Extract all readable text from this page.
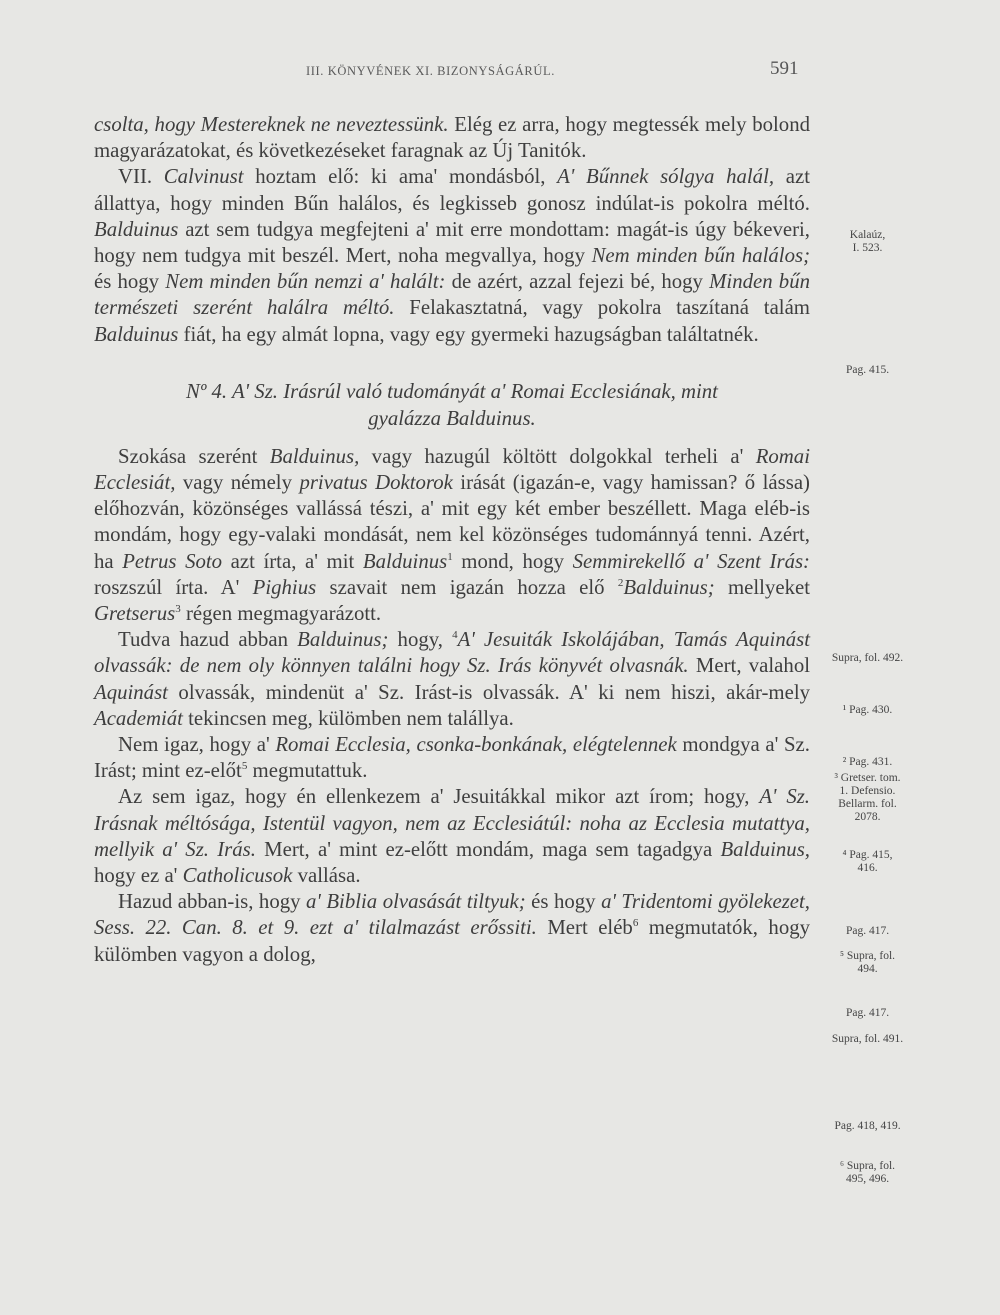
III. KÖNYVÉNEK XI. BIZONYSÁGÁRÚL.	591

csolta, hogy Mestereknek ne neveztessünk. Elég ez arra, hogy megtessék mely bolond magyarázatokat, és következéseket faragnak az Új Tanitók.

VII. Calvinust hoztam elő: ki ama' mondásból, A' Bűnnek sólgya halál, azt állattya, hogy minden Bűn halálos, és legkisseb gonosz indúlat-is pokolra méltó. Balduinus azt sem tudgya megfejteni a' mit erre mondottam: magát-is úgy békeveri, hogy nem tudgya mit beszél. Mert, noha megvallya, hogy Nem minden bűn halálos; és hogy Nem minden bűn nemzi a' halált: de azért, azzal fejezi bé, hogy Minden bűn természeti szerént halálra méltó. Felakasztatná, vagy pokolra taszítaná talám Balduinus fiát, ha egy almát lopna, vagy egy gyermeki hazugságban találtatnék.

Nº 4. A' Sz. Irásrúl való tudományát a' Romai Ecclesiának, mint
gyalázza Balduinus.

Szokása szerént Balduinus, vagy hazugúl költött dolgokkal terheli a' Romai Ecclesiát, vagy némely privatus Doktorok irását (igazán-e, vagy hamissan? ő lássa) előhozván, közönséges vallássá tészi, a' mit egy két ember beszéllett. Maga eléb-is mondám, hogy egy-valaki mondását, nem kel közönséges tudománnyá tenni. Azért, ha Petrus Soto azt írta, a' mit Balduinus$^1$ mond, hogy Semmirekellő a' Szent Irás: roszszúl írta. A' Pighius szavait nem igazán hozza elő $^2$Balduinus; mellyeket Gretserus$^3$ régen megmagyarázott.

Tudva hazud abban Balduinus; hogy, $^4$A' Jesuiták Iskolájában, Tamás Aquinást olvassák: de nem oly könnyen találni hogy Sz. Irás könyvét olvasnák. Mert, valahol Aquinást olvassák, mindenüt a' Sz. Irást-is olvassák. A' ki nem hiszi, akár-mely Academiát tekincsen meg, külömben nem talállya.

Nem igaz, hogy a' Romai Ecclesia, csonka-bonkának, elégtelennek mondgya a' Sz. Irást; mint ez-előt$^5$ megmutattuk.

Az sem igaz, hogy én ellenkezem a' Jesuitákkal mikor azt írom; hogy, A' Sz. Irásnak méltósága, Istentül vagyon, nem az Ecclesiátúl: noha az Ecclesia mutattya, mellyik a' Sz. Irás. Mert, a' mint ez-előtt mondám, maga sem tagadgya Balduinus, hogy ez a' Catholicusok vallása.

Hazud abban-is, hogy a' Biblia olvasását tiltyuk; és hogy a' Tridentomi gyölekezet, Sess. 22. Can. 8. et 9. ezt a' tilalmazást erőssiti. Mert eléb$^6$ megmutatók, hogy külömben vagyon a dolog,

Kalaúz,
I. 523.
Pag. 415.
Supra, fol. 492.
¹ Pag. 430.
² Pag. 431.
³ Gretser. tom.
1. Defensio.
Bellarm. fol.
2078.
⁴ Pag. 415,
416.
Pag. 417.
⁵ Supra, fol.
494.
Pag. 417.
Supra, fol. 491.
Pag. 418, 419.
⁶ Supra, fol.
495, 496.
